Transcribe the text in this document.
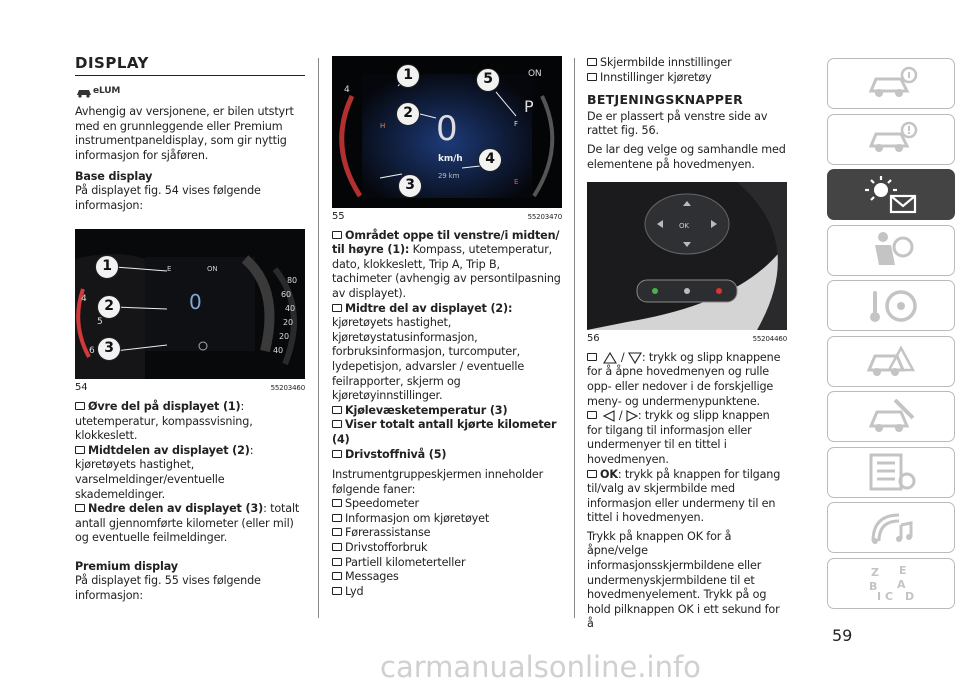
DISPLAY
eLUM

Avhengig av versjonene, er bilen utstyrt med en grunnleggende eller Premium instrumentpaneldisplay, som gir nyttig informasjon for sjåføren.

Base display

På displayet fig. 54 vises følgende informasjon:

4
5
6
E	ON
0	60
40
20
20
40
80
1
2
3
54	55203460

Øvre del på displayet (1): utetemperatur, kompassvisning, klokkeslett.

Midtdelen av displayet (2): kjøretøyets hastighet, varselmeldinger/eventuelle skademeldinger.

Nedre delen av displayet (3): totalt antall gjennomførte kilometer (eller mil) og eventuelle feilmeldinger.

Premium display

På displayet fig. 55 vises følgende informasjon:

4
ON
P
H	F
E
0
km/h
29 km
1
2
3
4
5
55	55203470

Området oppe til venstre/i midten/ til høyre (1): Kompass, utetemperatur, dato, klokkeslett, Trip A, Trip B, tachimeter (avhengig av persontilpasning av displayet).

Midtre del av displayet (2): kjøretøyets hastighet, kjøretøystatusinformasjon, forbruksinformasjon, turcomputer, lydepetisjon, advarsler / eventuelle feilrapporter, skjerm og kjøretøyinnstillinger.

Kjølevæsketemperatur (3)

Viser totalt antall kjørte kilometer (4)

Drivstoffnivå (5)

Instrumentgruppeskjermen inneholder følgende faner:

Speedometer

Informasjon om kjøretøyet

Førerassistanse

Drivstofforbruk

Partiell kilometerteller

Messages

Lyd

Skjermbilde innstillinger

Innstillinger kjøretøy

BETJENINGSKNAPPER

De er plassert på venstre side av rattet fig. 56.

De lar deg velge og samhandle med elementene på hovedmenyen.

OK
56	55204460

/ : trykk og slipp knappene for å åpne hovedmenyen og rulle opp- eller nedover i de forskjellige meny- og undermenypunktene.

/ : trykk og slipp knappen for tilgang til informasjon eller undermenyer til en tittel i hovedmenyen.

OK: trykk på knappen for tilgang til/valg av skjermbilde med informasjon eller undermeny til en tittel i hovedmenyen.

Trykk på knappen OK for å åpne/velge informasjonsskjermbildene eller undermenyskjermbildene til et hovedmenyelement. Trykk på og hold pilknappen OK i ett sekund for å

Z E
B A
I C D
59
carmanualsonline.info
